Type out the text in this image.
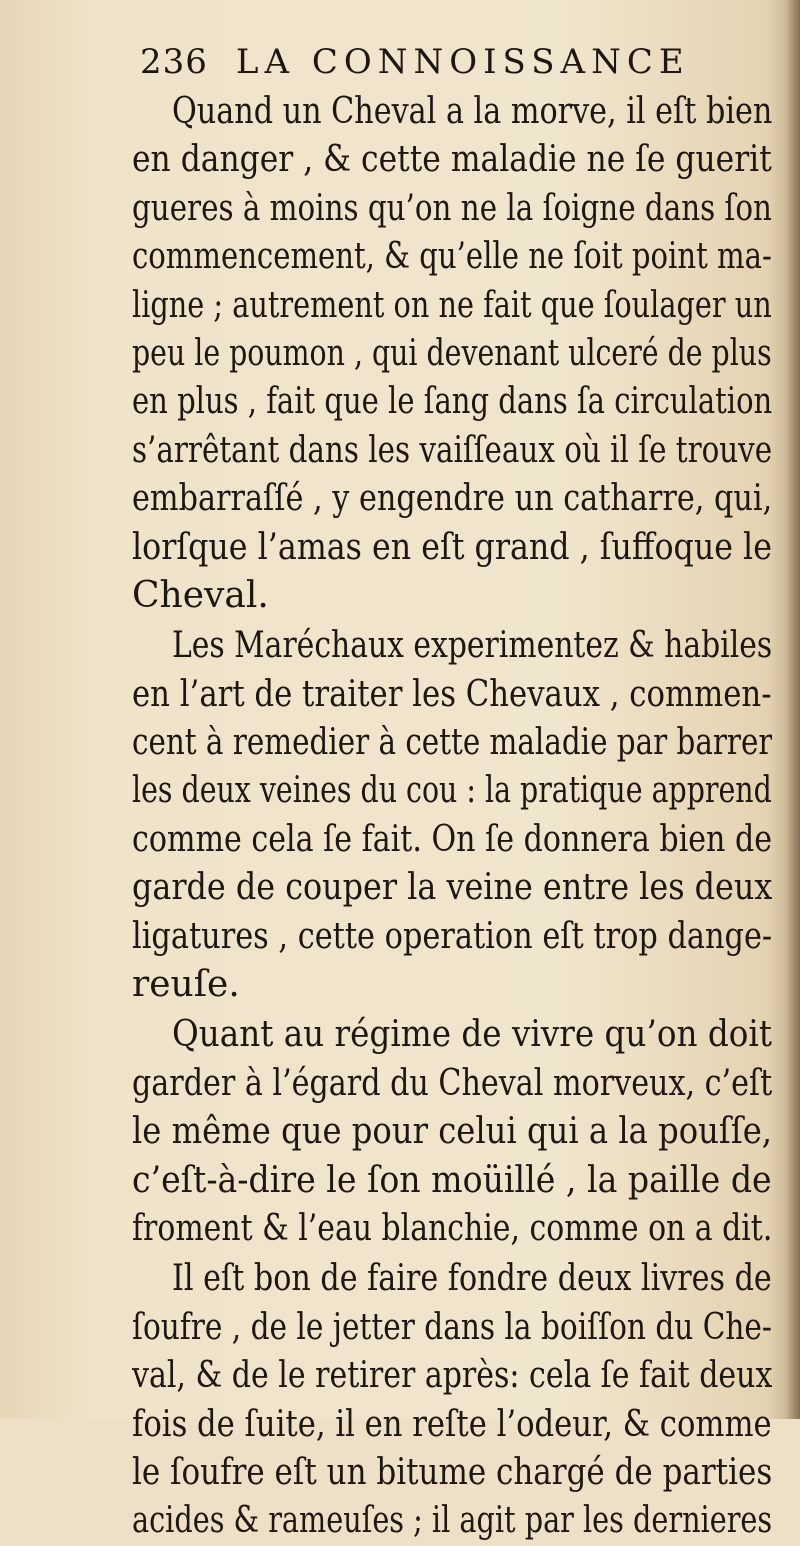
236 LA CONNOISSANCE
Quand un Cheval a la morve, il eſt bien
en danger , & cette maladie ne ſe guerit
gueres à moins qu’on ne la ſoigne dans ſon
commencement, & qu’elle ne ſoit point ma-
ligne ; autrement on ne fait que ſoulager un
peu le poumon , qui devenant ulceré de plus
en plus , fait que le ſang dans ſa circulation
s’arrêtant dans les vaiſſeaux où il ſe trouve
embarraſſé , y engendre un catharre, qui,
lorſque l’amas en eſt grand , ſuffoque le
Cheval.
Les Maréchaux experimentez & habiles
en l’art de traiter les Chevaux , commen-
cent à remedier à cette maladie par barrer
les deux veines du cou : la pratique apprend
comme cela ſe fait. On ſe donnera bien de
garde de couper la veine entre les deux
ligatures , cette operation eſt trop dange-
reuſe.
Quant au régime de vivre qu’on doit
garder à l’égard du Cheval morveux, c’eſt
le même que pour celui qui a la pouſſe,
c’eſt-à-dire le ſon moüillé , la paille de
froment & l’eau blanchie, comme on a dit.
Il eſt bon de faire fondre deux livres de
ſoufre , de le jetter dans la boiſſon du Che-
val, & de le retirer après: cela ſe fait deux
fois de ſuite, il en reſte l’odeur, & comme
le ſoufre eſt un bitume chargé de parties
acides & rameuſes ; il agit par les dernieres
